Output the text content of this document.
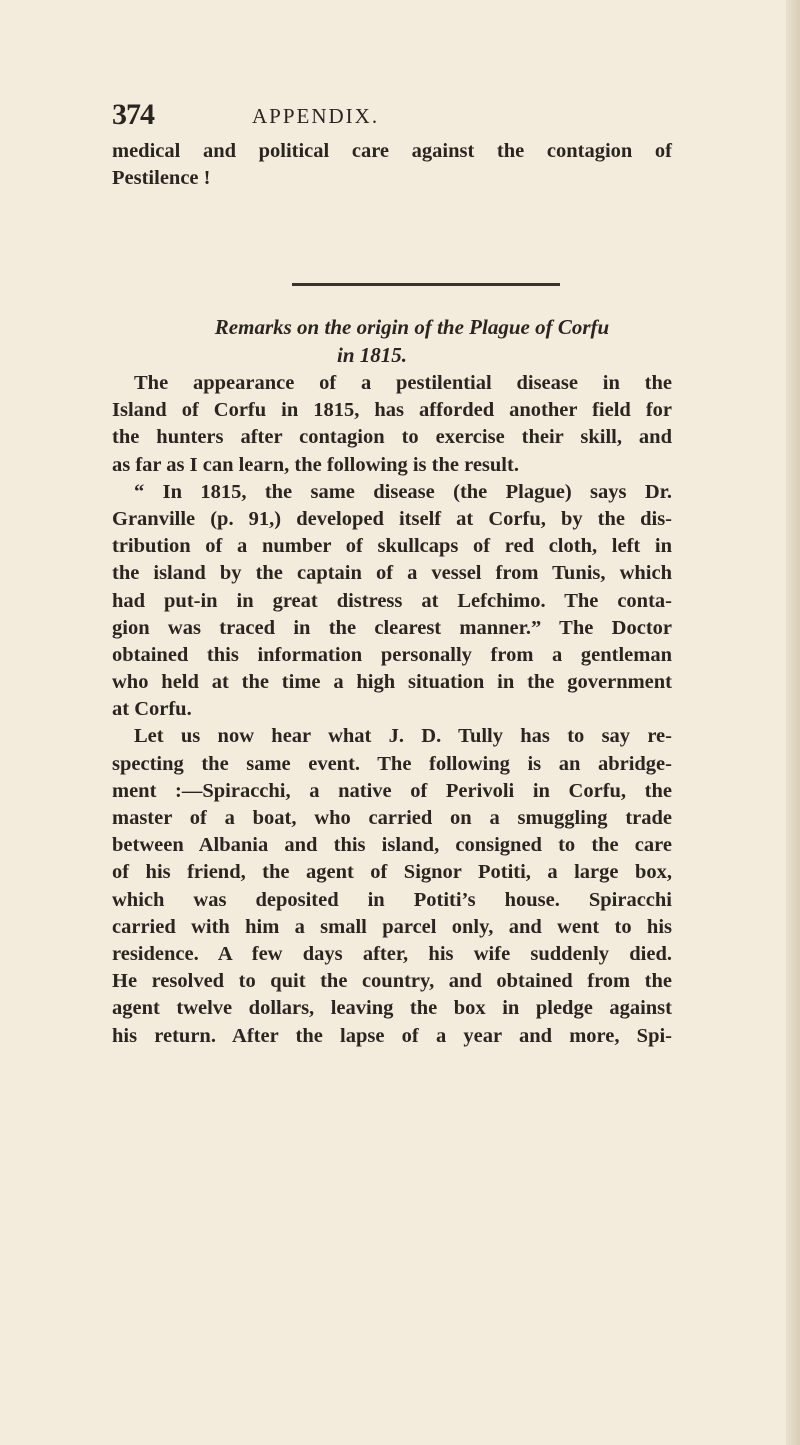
374	APPENDIX.
medical and political care against the contagion of
Pestilence !
Remarks on the origin of the Plague of Corfu
in 1815.
The appearance of a pestilential disease in the
Island of Corfu in 1815, has afforded another field for
the hunters after contagion to exercise their skill, and
as far as I can learn, the following is the result.
“ In 1815, the same disease (the Plague) says Dr.
Granville (p. 91,) developed itself at Corfu, by the dis-
tribution of a number of skullcaps of red cloth, left in
the island by the captain of a vessel from Tunis, which
had put-in in great distress at Lefchimo. The conta-
gion was traced in the clearest manner.” The Doctor
obtained this information personally from a gentleman
who held at the time a high situation in the government
at Corfu.
Let us now hear what J. D. Tully has to say re-
specting the same event. The following is an abridge-
ment :—Spiracchi, a native of Perivoli in Corfu, the
master of a boat, who carried on a smuggling trade
between Albania and this island, consigned to the care
of his friend, the agent of Signor Potiti, a large box,
which was deposited in Potiti’s house. Spiracchi
carried with him a small parcel only, and went to his
residence. A few days after, his wife suddenly died.
He resolved to quit the country, and obtained from the
agent twelve dollars, leaving the box in pledge against
his return. After the lapse of a year and more, Spi-
